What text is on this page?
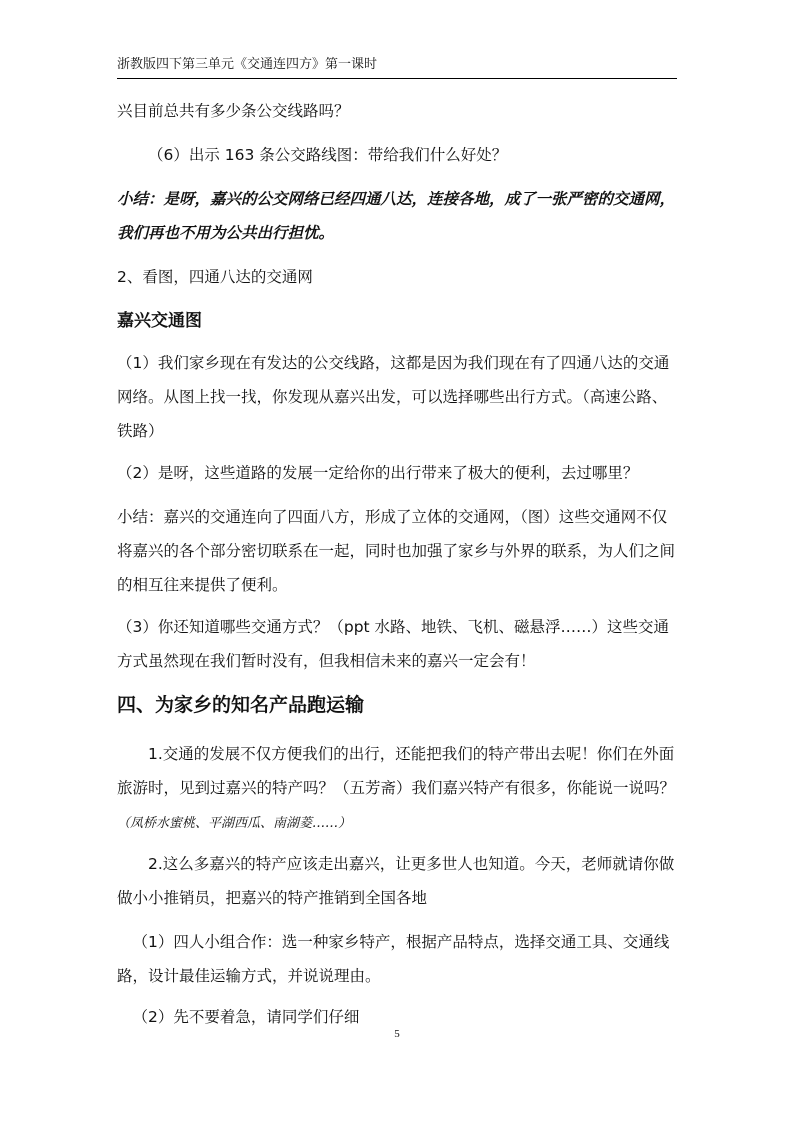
浙教版四下第三单元《交通连四方》第一课时

兴目前总共有多少条公交线路吗？

（6）出示 163 条公交路线图：带给我们什么好处？

小结：是呀，嘉兴的公交网络已经四通八达，连接各地，成了一张严密的交通网，我们再也不用为公共出行担忧。

2、看图，四通八达的交通网

嘉兴交通图

（1）我们家乡现在有发达的公交线路，这都是因为我们现在有了四通八达的交通网络。从图上找一找，你发现从嘉兴出发，可以选择哪些出行方式。（高速公路、铁路）

（2）是呀，这些道路的发展一定给你的出行带来了极大的便利，去过哪里？

小结：嘉兴的交通连向了四面八方，形成了立体的交通网，（图）这些交通网不仅将嘉兴的各个部分密切联系在一起，同时也加强了家乡与外界的联系，为人们之间的相互往来提供了便利。

（3）你还知道哪些交通方式？（ppt 水路、地铁、飞机、磁悬浮……）这些交通方式虽然现在我们暂时没有，但我相信未来的嘉兴一定会有！

四、为家乡的知名产品跑运输

1.交通的发展不仅方便我们的出行，还能把我们的特产带出去呢！你们在外面旅游时，见到过嘉兴的特产吗？（五芳斋）我们嘉兴特产有很多，你能说一说吗？（凤桥水蜜桃、平湖西瓜、南湖菱……）

2.这么多嘉兴的特产应该走出嘉兴，让更多世人也知道。今天，老师就请你做做小小推销员，把嘉兴的特产推销到全国各地

（1）四人小组合作：选一种家乡特产，根据产品特点，选择交通工具、交通线路，设计最佳运输方式，并说说理由。

（2）先不要着急，请同学们仔细

5
